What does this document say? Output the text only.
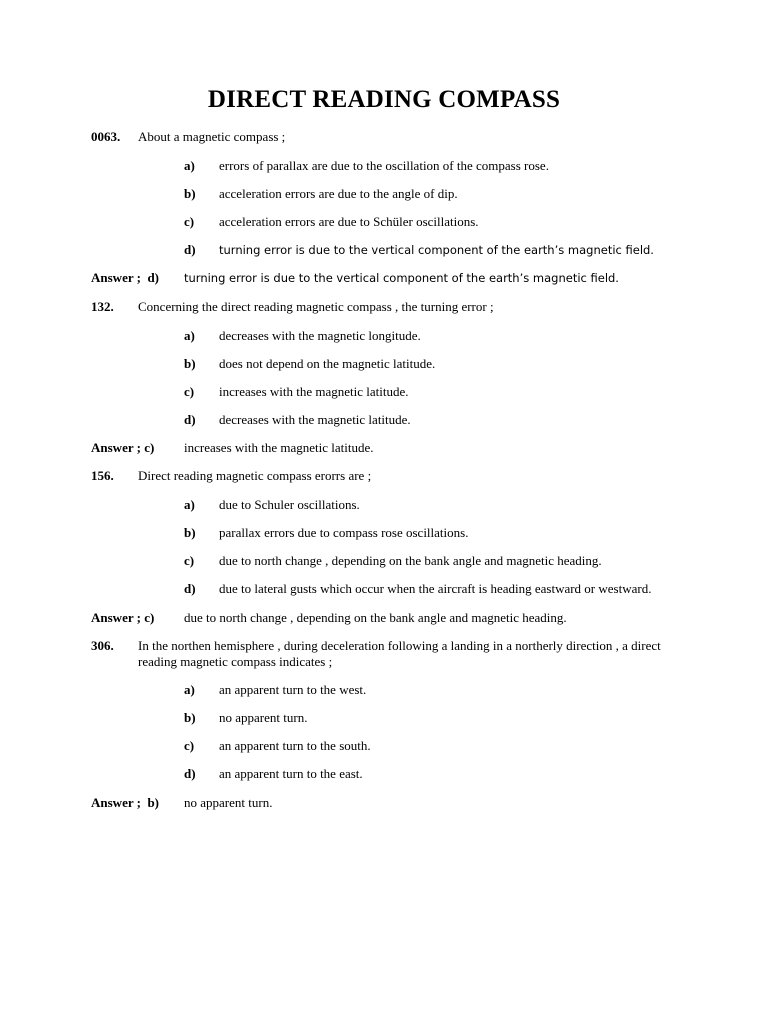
DIRECT READING COMPASS
0063. About a magnetic compass ;
a) errors of parallax are due to the oscillation of the compass rose.
b) acceleration errors are due to the angle of dip.
c) acceleration errors are due to Schüler oscillations.
d) turning error is due to the vertical component of the earth’s magnetic field.
Answer ;  d) turning error is due to the vertical component of the earth’s magnetic field.
132. Concerning the direct reading magnetic compass , the turning error ;
a) decreases with the magnetic longitude.
b) does not depend on the magnetic latitude.
c) increases with the magnetic latitude.
d) decreases with the magnetic latitude.
Answer ; c) increases with the magnetic latitude.
156. Direct reading magnetic compass erorrs are ;
a) due to Schuler oscillations.
b) parallax errors due to compass rose oscillations.
c) due to north change , depending on the bank angle and magnetic heading.
d) due to lateral gusts which occur when the aircraft is heading eastward or westward.
Answer ; c) due to north change , depending on the bank angle and magnetic heading.
306. In the northen hemisphere , during deceleration following a landing in a northerly direction , a direct
reading magnetic compass indicates ;
a) an apparent turn to the west.
b) no apparent turn.
c) an apparent turn to the south.
d) an apparent turn to the east.
Answer ;  b) no apparent turn.
